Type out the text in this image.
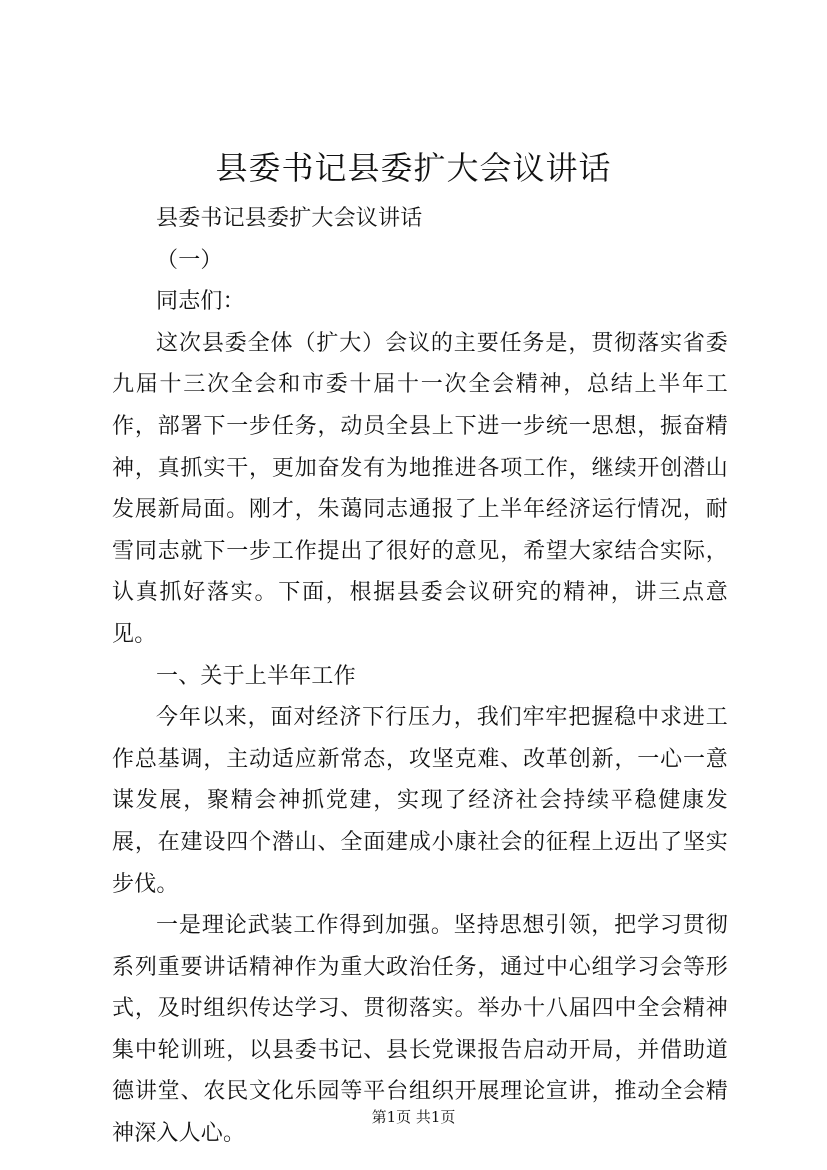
县委书记县委扩大会议讲话

县委书记县委扩大会议讲话

（一）

同志们：

这次县委全体（扩大）会议的主要任务是，贯彻落实省委九届十三次全会和市委十届十一次全会精神，总结上半年工作，部署下一步任务，动员全县上下进一步统一思想，振奋精神，真抓实干，更加奋发有为地推进各项工作，继续开创潜山发展新局面。刚才，朱蔼同志通报了上半年经济运行情况，耐雪同志就下一步工作提出了很好的意见，希望大家结合实际，认真抓好落实。下面，根据县委会议研究的精神，讲三点意见。

一、关于上半年工作

今年以来，面对经济下行压力，我们牢牢把握稳中求进工作总基调，主动适应新常态，攻坚克难、改革创新，一心一意谋发展，聚精会神抓党建，实现了经济社会持续平稳健康发展，在建设四个潜山、全面建成小康社会的征程上迈出了坚实步伐。

一是理论武装工作得到加强。坚持思想引领，把学习贯彻系列重要讲话精神作为重大政治任务，通过中心组学习会等形式，及时组织传达学习、贯彻落实。举办十八届四中全会精神集中轮训班，以县委书记、县长党课报告启动开局，并借助道德讲堂、农民文化乐园等平台组织开展理论宣讲，推动全会精神深入人心。

第1页 共1页
